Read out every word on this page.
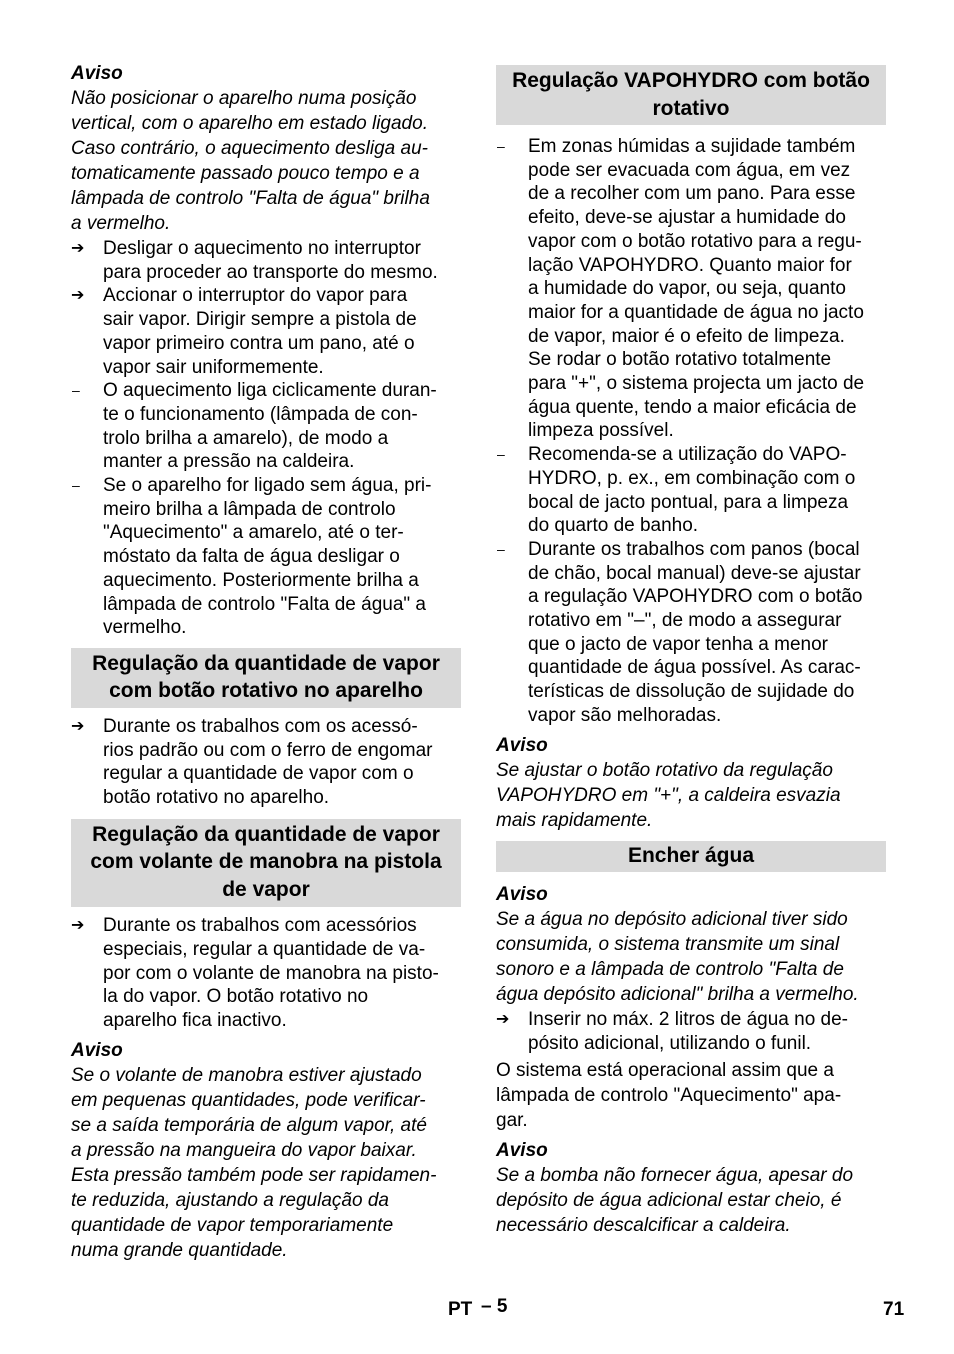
Aviso

Não posicionar o aparelho numa posição
vertical, com o aparelho em estado ligado.
Caso contrário, o aquecimento desliga au-
tomaticamente passado pouco tempo e a
lâmpada de controlo "Falta de água" brilha
a vermelho.
➔ Desligar o aquecimento no interruptor
para proceder ao transporte do mesmo.
➔ Accionar o interruptor do vapor para
sair vapor. Dirigir sempre a pistola de
vapor primeiro contra um pano, até o
vapor sair uniformemente.
–	O aquecimento liga ciclicamente duran-
te o funcionamento (lâmpada de con-
trolo brilha a amarelo), de modo a
manter a pressão na caldeira.
–	Se o aparelho for ligado sem água, pri-
meiro brilha a lâmpada de controlo
"Aquecimento" a amarelo, até o ter-
móstato da falta de água desligar o
aquecimento. Posteriormente brilha a
lâmpada de controlo "Falta de água" a
vermelho.
Regulação da quantidade de vapor
com botão rotativo no aparelho
➔ Durante os trabalhos com os acessó-
rios padrão ou com o ferro de engomar
regular a quantidade de vapor com o
botão rotativo no aparelho.
Regulação da quantidade de vapor
com volante de manobra na pistola
de vapor
➔ Durante os trabalhos com acessórios
especiais, regular a quantidade de va-
por com o volante de manobra na pisto-
la do vapor. O botão rotativo no
aparelho fica inactivo.

Aviso

Se o volante de manobra estiver ajustado
em pequenas quantidades, pode verificar-
se a saída temporária de algum vapor, até
a pressão na mangueira do vapor baixar.
Esta pressão também pode ser rapidamen-
te reduzida, ajustando a regulação da
quantidade de vapor temporariamente
numa grande quantidade.
Regulação VAPOHYDRO com botão
rotativo
–	Em zonas húmidas a sujidade também
pode ser evacuada com água, em vez
de a recolher com um pano. Para esse
efeito, deve-se ajustar a humidade do
vapor com o botão rotativo para a regu-
lação VAPOHYDRO. Quanto maior for
a humidade do vapor, ou seja, quanto
maior for a quantidade de água no jacto
de vapor, maior é o efeito de limpeza.
Se rodar o botão rotativo totalmente
para "+", o sistema projecta um jacto de
água quente, tendo a maior eficácia de
limpeza possível.
–	Recomenda-se a utilização do VAPO-
HYDRO, p. ex., em combinação com o
bocal de jacto pontual, para a limpeza
do quarto de banho.
–	Durante os trabalhos com panos (bocal
de chão, bocal manual) deve-se ajustar
a regulação VAPOHYDRO com o botão
rotativo em "–", de modo a assegurar
que o jacto de vapor tenha a menor
quantidade de água possível. As carac-
terísticas de dissolução de sujidade do
vapor são melhoradas.

Aviso

Se ajustar o botão rotativo da regulação
VAPOHYDRO em "+", a caldeira esvazia
mais rapidamente.
Encher água

Aviso

Se a água no depósito adicional tiver sido
consumida, o sistema transmite um sinal
sonoro e a lâmpada de controlo "Falta de
água depósito adicional" brilha a vermelho.
➔ Inserir no máx. 2 litros de água no de-
pósito adicional, utilizando o funil.
O sistema está operacional assim que a
lâmpada de controlo "Aquecimento" apa-
gar.

Aviso

Se a bomba não fornecer água, apesar do
depósito de água adicional estar cheio, é
necessário descalcificar a caldeira.
PT – 5	71
